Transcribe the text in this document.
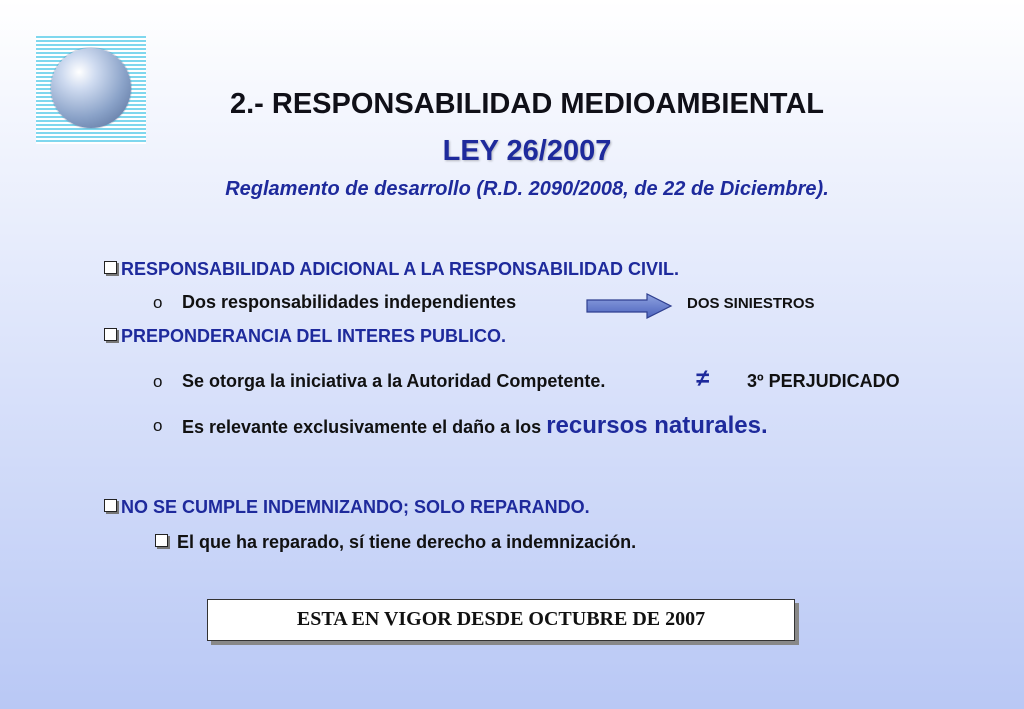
2.- RESPONSABILIDAD MEDIOAMBIENTAL
LEY 26/2007
Reglamento de desarrollo (R.D. 2090/2008, de 22 de Diciembre).
RESPONSABILIDAD ADICIONAL A LA RESPONSABILIDAD CIVIL.
o Dos responsabilidades independientes	DOS SINIESTROS
PREPONDERANCIA DEL INTERES PUBLICO.
o Se otorga la iniciativa a la Autoridad Competente.	≠ 3º PERJUDICADO
o Es relevante exclusivamente el daño a los recursos naturales.
NO SE CUMPLE INDEMNIZANDO; SOLO REPARANDO.
El que ha reparado, sí tiene derecho a indemnización.
ESTA EN VIGOR DESDE OCTUBRE DE 2007
